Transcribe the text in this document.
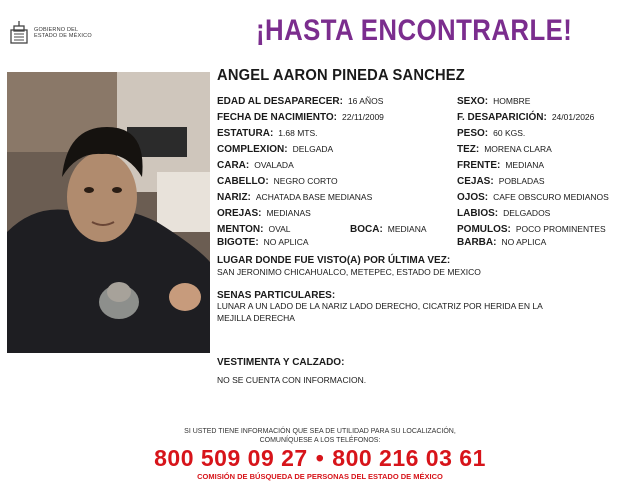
GOBIERNO DEL
ESTADO DE MÉXICO	¡HASTA ENCONTRARLE!
ANGEL AARON PINEDA SANCHEZ
EDAD AL DESAPARECER: 16 AÑOS
FECHA DE NACIMIENTO: 22/11/2009
ESTATURA: 1.68 MTS.
COMPLEXION: DELGADA
CARA: OVALADA
CABELLO: NEGRO CORTO
NARIZ: ACHATADA BASE MEDIANAS
OREJAS: MEDIANAS
MENTON: OVAL	BOCA: MEDIANA
BIGOTE: NO APLICA
SEXO: HOMBRE
F. DESAPARICIÓN: 24/01/2026
PESO: 60 KGS.
TEZ: MORENA CLARA
FRENTE: MEDIANA
CEJAS: POBLADAS
OJOS: CAFE OBSCURO MEDIANOS
LABIOS: DELGADOS
POMULOS: POCO PROMINENTES
BARBA: NO APLICA
LUGAR DONDE FUE VISTO(A) POR ÚLTIMA VEZ:
SAN JERONIMO CHICAHUALCO, METEPEC, ESTADO DE MEXICO
SENAS PARTICULARES:
LUNAR A UN LADO DE LA NARIZ LADO DERECHO, CICATRIZ POR HERIDA EN LA
MEJILLA DERECHA
VESTIMENTA Y CALZADO:
NO SE CUENTA CON INFORMACION.
SI USTED TIENE INFORMACIÓN QUE SEA DE UTILIDAD PARA SU LOCALIZACIÓN,
COMUNÍQUESE A LOS TELÉFONOS:
800 509 09 27 • 800 216 03 61
COMISIÓN DE BÚSQUEDA DE PERSONAS DEL ESTADO DE MÉXICO
